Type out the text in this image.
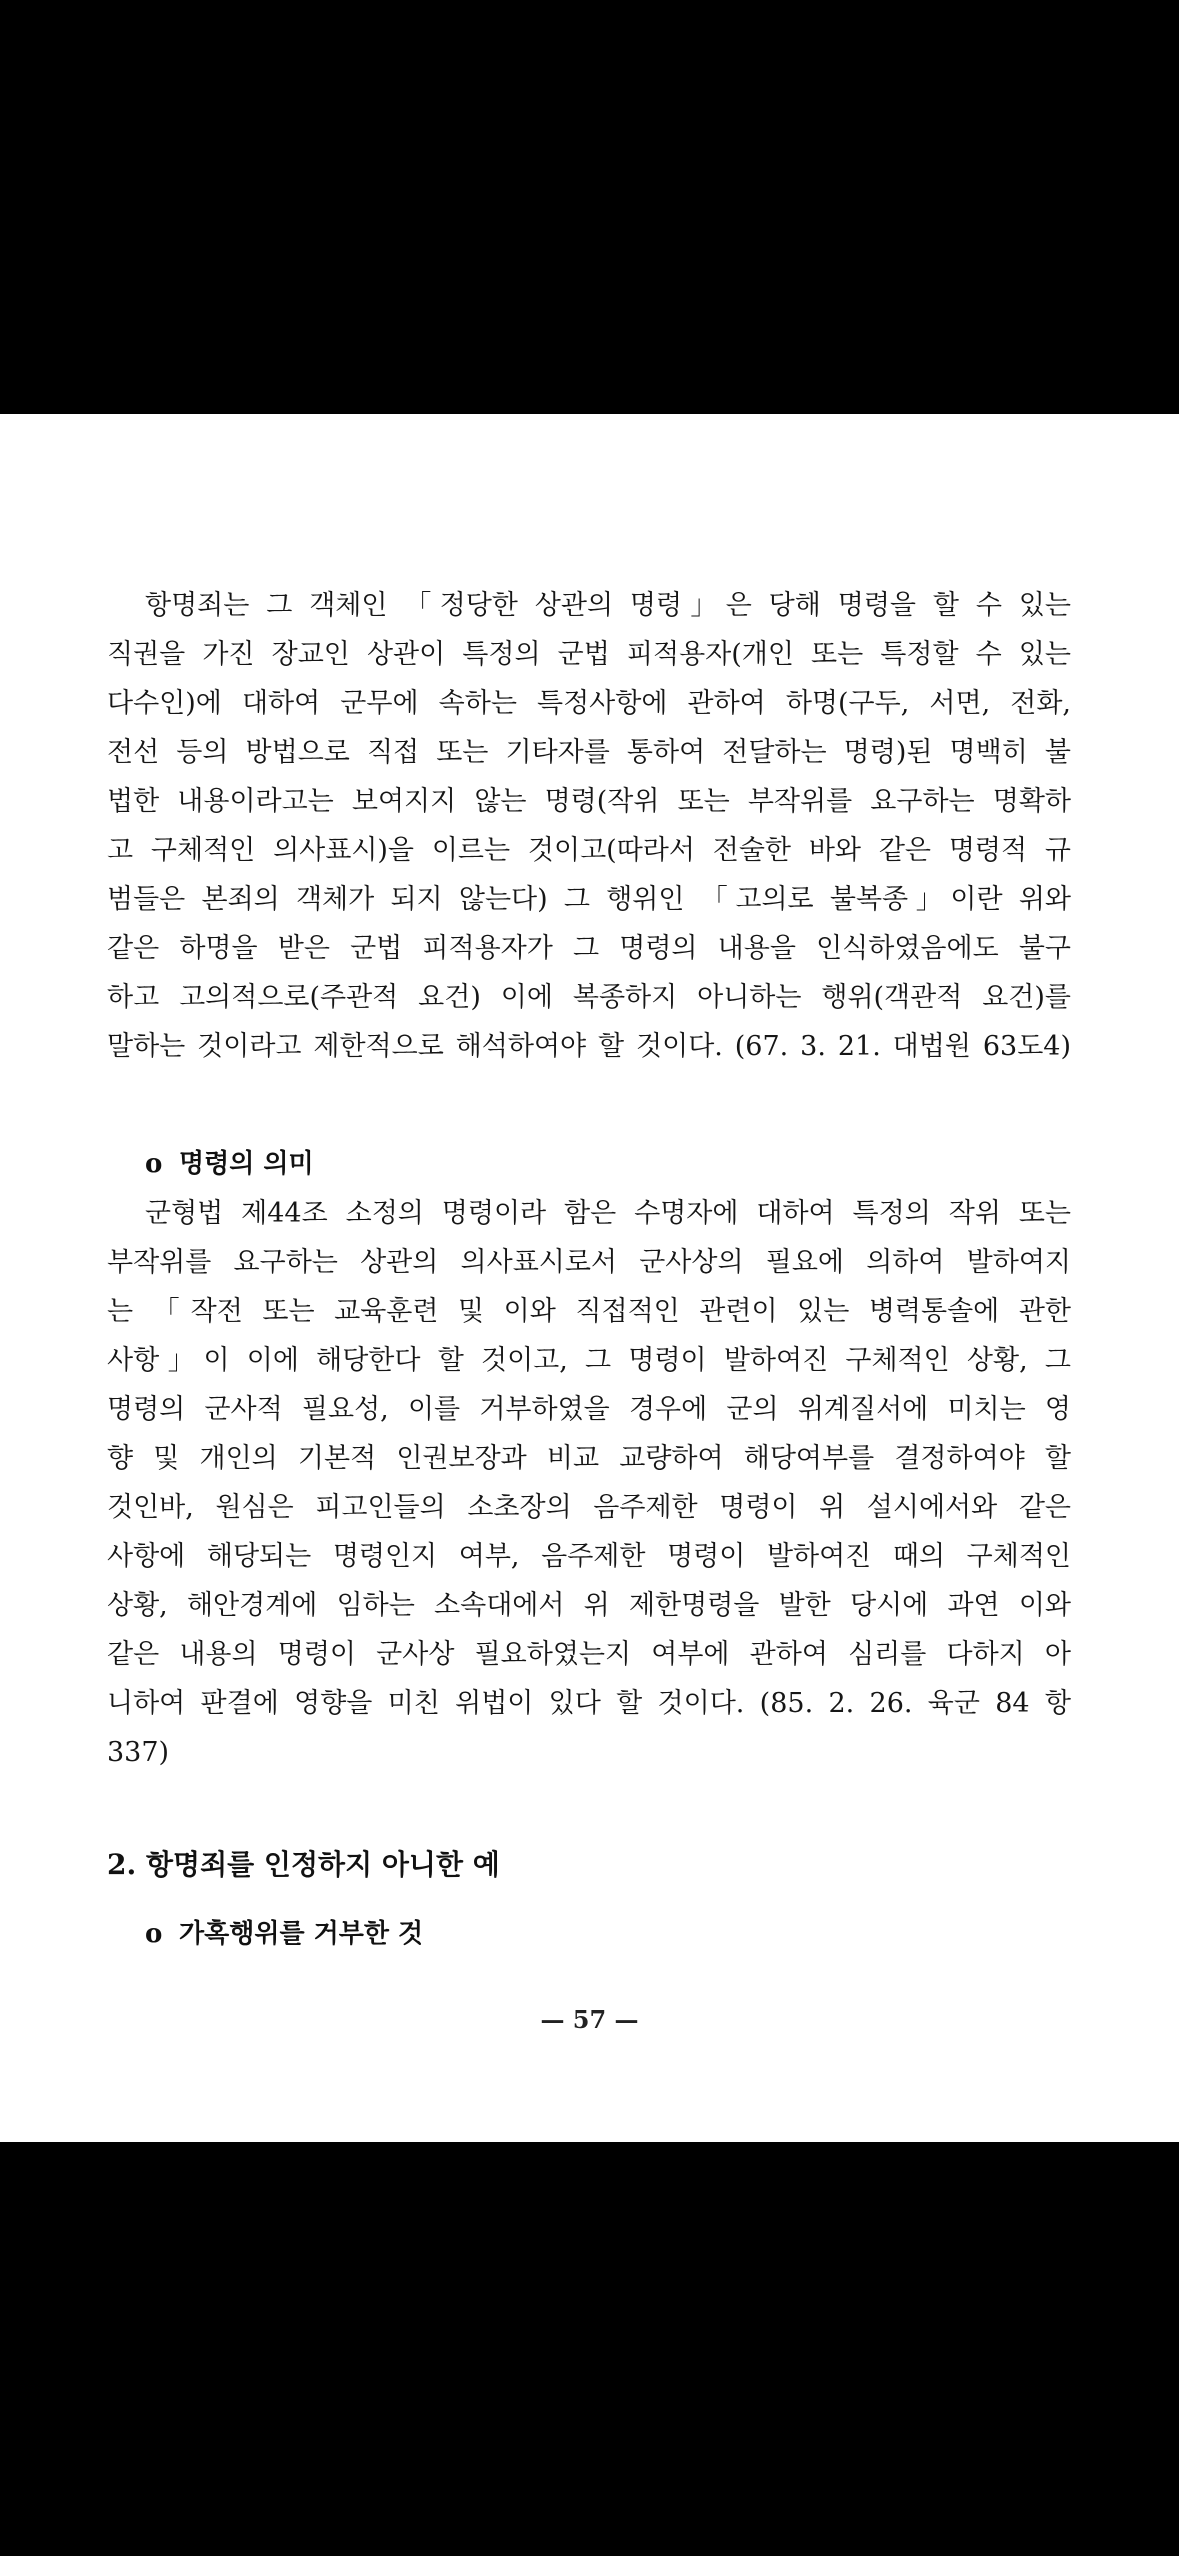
항명죄는 그 객체인 「정당한 상관의 명령」은 당해 명령을 할 수 있는
직권을 가진 장교인 상관이 특정의 군법 피적용자(개인 또는 특정할 수 있는
다수인)에 대하여 군무에 속하는 특정사항에 관하여 하명(구두, 서면, 전화,
전선 등의 방법으로 직접 또는 기타자를 통하여 전달하는 명령)된 명백히 불
법한 내용이라고는 보여지지 않는 명령(작위 또는 부작위를 요구하는 명확하
고 구체적인 의사표시)을 이르는 것이고(따라서 전술한 바와 같은 명령적 규
범들은 본죄의 객체가 되지 않는다) 그 행위인 「고의로 불복종」이란 위와
같은 하명을 받은 군법 피적용자가 그 명령의 내용을 인식하였음에도 불구
하고 고의적으로(주관적 요건) 이에 복종하지 아니하는 행위(객관적 요건)를
말하는 것이라고 제한적으로 해석하여야 할 것이다. (67. 3. 21. 대법원 63도4)
o 명령의 의미
군형법 제44조 소정의 명령이라 함은 수명자에 대하여 특정의 작위 또는
부작위를 요구하는 상관의 의사표시로서 군사상의 필요에 의하여 발하여지
는 「작전 또는 교육훈련 및 이와 직접적인 관련이 있는 병력통솔에 관한
사항」이 이에 해당한다 할 것이고, 그 명령이 발하여진 구체적인 상황, 그
명령의 군사적 필요성, 이를 거부하였을 경우에 군의 위계질서에 미치는 영
향 및 개인의 기본적 인권보장과 비교 교량하여 해당여부를 결정하여야 할
것인바, 원심은 피고인들의 소초장의 음주제한 명령이 위 설시에서와 같은
사항에 해당되는 명령인지 여부, 음주제한 명령이 발하여진 때의 구체적인
상황, 해안경계에 임하는 소속대에서 위 제한명령을 발한 당시에 과연 이와
같은 내용의 명령이 군사상 필요하였는지 여부에 관하여 심리를 다하지 아
니하여 판결에 영향을 미친 위법이 있다 할 것이다. (85. 2. 26. 육군 84 항
337)
2. 항명죄를 인정하지 아니한 예
o 가혹행위를 거부한 것
— 57 —
